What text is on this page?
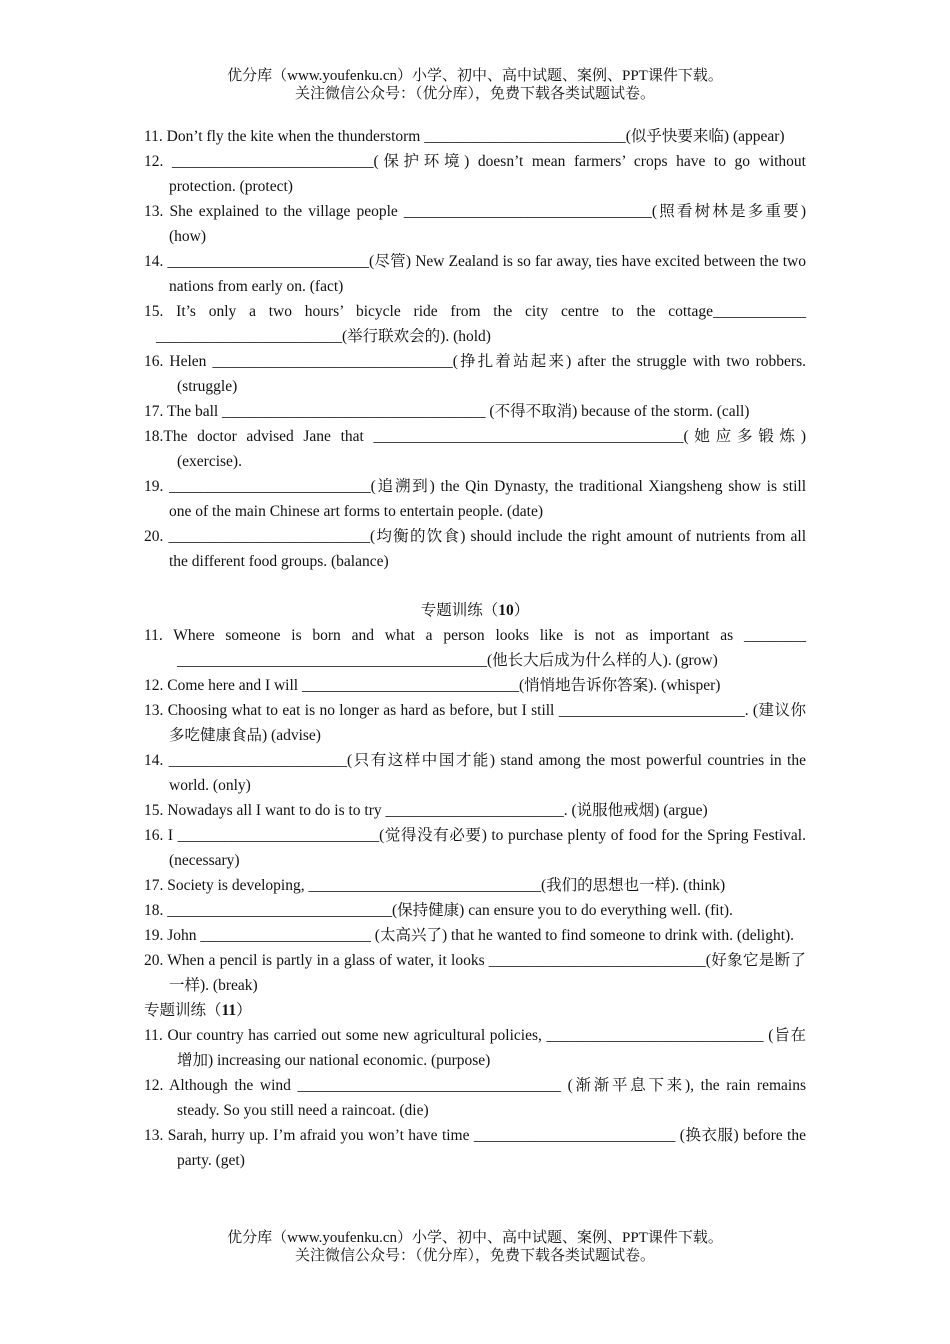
优分库（www.youfenku.cn）小学、初中、高中试题、案例、PPT课件下载。
关注微信公众号：（优分库），免费下载各类试题试卷。

11. Don’t fly the kite when the thunderstorm __________________________(似乎快要来临) (appear)

12. __________________________(保护环境) doesn’t mean farmers’ crops have to go without protection. (protect)

13. She explained to the village people ________________________________(照看树林是多重要)(how)

14. __________________________(尽管) New Zealand is so far away, ties have excited between the two nations from early on. (fact)

15. It’s only a two hours’ bicycle ride from the city centre to the cottage____________ ________________________(举行联欢会的). (hold)

16. Helen _______________________________(挣扎着站起来) after the struggle with two robbers. (struggle)

17. The ball __________________________________ (不得不取消) because of the storm. (call)

18.The doctor advised Jane that ________________________________________(她应多锻炼) (exercise).

19. __________________________(追溯到) the Qin Dynasty, the traditional Xiangsheng show is still one of the main Chinese art forms to entertain people. (date)

20. __________________________(均衡的饮食) should include the right amount of nutrients from all the different food groups. (balance)

专题训练（10）

11. Where someone is born and what a person looks like is not as important as ________ ________________________________________(他长大后成为什么样的人). (grow)

12. Come here and I will ____________________________(悄悄地告诉你答案). (whisper)

13. Choosing what to eat is no longer as hard as before, but I still ________________________. (建议你多吃健康食品) (advise)

14. _______________________(只有这样中国才能) stand among the most powerful countries in the world. (only)

15. Nowadays all I want to do is to try _______________________. (说服他戒烟) (argue)

16. I __________________________(觉得没有必要) to purchase plenty of food for the Spring Festival. (necessary)

17. Society is developing, ______________________________(我们的思想也一样). (think)

18. _____________________________(保持健康) can ensure you to do everything well. (fit).

19. John ______________________ (太高兴了) that he wanted to find someone to drink with. (delight).

20. When a pencil is partly in a glass of water, it looks ____________________________(好象它是断了一样). (break)

专题训练（11）

11. Our country has carried out some new agricultural policies, ____________________________ (旨在增加) increasing our national economic. (purpose)

12. Although the wind __________________________________ (渐渐平息下来), the rain remains steady. So you still need a raincoat. (die)

13. Sarah, hurry up. I’m afraid you won’t have time __________________________ (换衣服) before the party. (get)

优分库（www.youfenku.cn）小学、初中、高中试题、案例、PPT课件下载。
关注微信公众号：（优分库），免费下载各类试题试卷。
